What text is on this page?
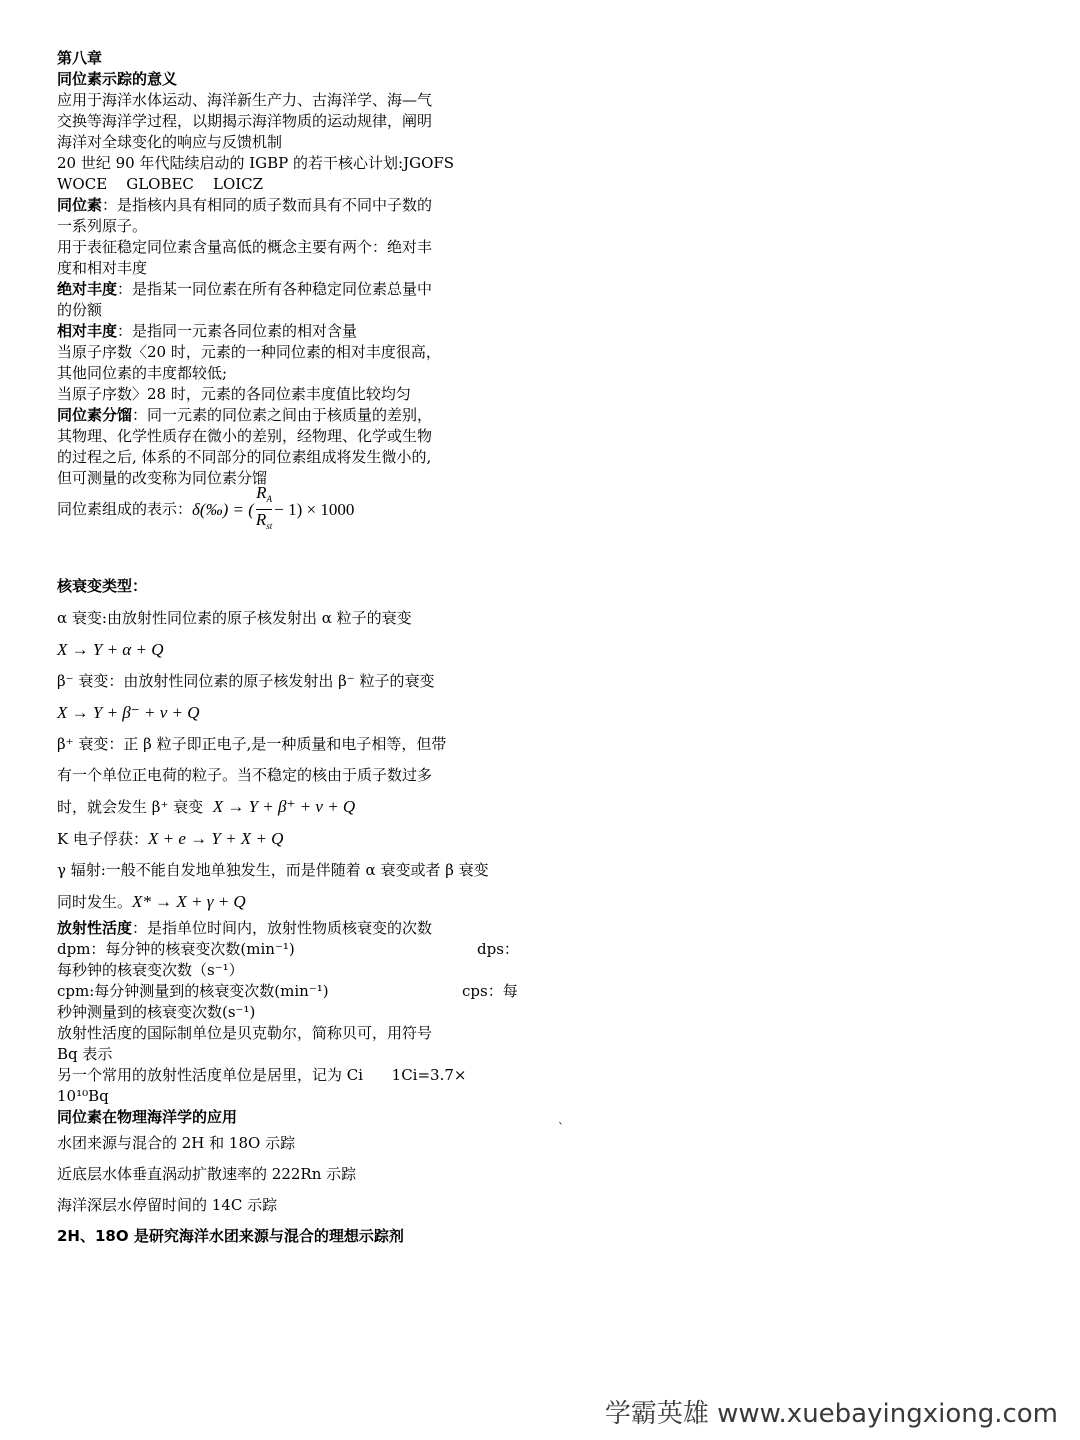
第八章
同位素示踪的意义
应用于海洋水体运动、海洋新生产力、古海洋学、海—气
交换等海洋学过程，以期揭示海洋物质的运动规律，阐明
海洋对全球变化的响应与反馈机制
20 世纪 90 年代陆续启动的 IGBP 的若干核心计划:JGOFS
WOCE    GLOBEC    LOICZ
同位素：是指核内具有相同的质子数而具有不同中子数的
一系列原子。
用于表征稳定同位素含量高低的概念主要有两个：绝对丰
度和相对丰度
绝对丰度：是指某一同位素在所有各种稳定同位素总量中
的份额
相对丰度：是指同一元素各同位素的相对含量
当原子序数〈20 时，元素的一种同位素的相对丰度很高，
其他同位素的丰度都较低;
当原子序数〉28 时，元素的各同位素丰度值比较均匀
同位素分馏：同一元素的同位素之间由于核质量的差别，
其物理、化学性质存在微小的差别，经物理、化学或生物
的过程之后, 体系的不同部分的同位素组成将发生微小的,
但可测量的改变称为同位素分馏
同位素组成的表示： δ(‰) = ( $\frac{R_A}{R_{st}} - 1) \times 1000$
核衰变类型：
α 衰变:由放射性同位素的原子核发射出 α 粒子的衰变
X → Y + α + Q
β⁻ 衰变：由放射性同位素的原子核发射出 β⁻ 粒子的衰变
X → Y + β⁻ + ν + Q
β⁺ 衰变：正 β 粒子即正电子,是一种质量和电子相等，但带
有一个单位正电荷的粒子。当不稳定的核由于质子数过多
时，就会发生 β⁺ 衰变 X → Y + β⁺ + ν + Q
K 电子俘获：X + e → Y + X + Q
γ 辐射:一般不能自发地单独发生，而是伴随着 α 衰变或者 β 衰变
同时发生。X* → X + γ + Q
放射性活度：是指单位时间内，放射性物质核衰变的次数
dpm：每分钟的核衰变次数(min⁻¹)	dps：
每秒钟的核衰变次数（s⁻¹）
cpm:每分钟测量到的核衰变次数(min⁻¹)	cps：每
秒钟测量到的核衰变次数(s⁻¹)
放射性活度的国际制单位是贝克勒尔，简称贝可，用符号
Bq 表示
另一个常用的放射性活度单位是居里，记为 Ci      1Ci=3.7×
10¹⁰Bq
同位素在物理海洋学的应用
水团来源与混合的 2H 和 18O 示踪
近底层水体垂直涡动扩散速率的 222Rn 示踪
海洋深层水停留时间的 14C 示踪
2H、18O 是研究海洋水团来源与混合的理想示踪剂
`
学霸英雄 www.xuebayingxiong.com
